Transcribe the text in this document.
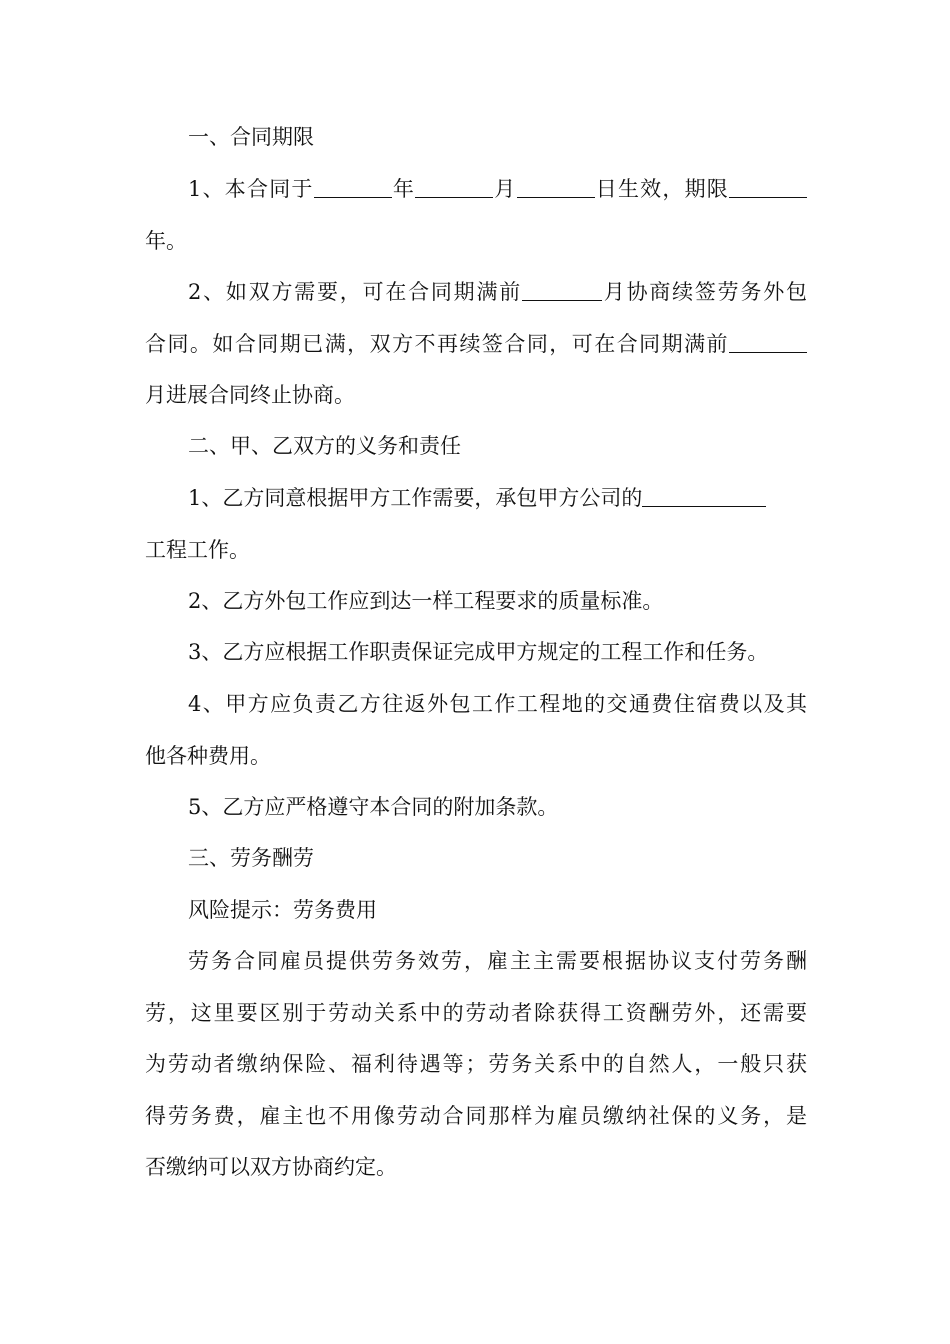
一、合同期限

1、本合同于	年	月	日生效，期限
年。

2、如双方需要，可在合同期满前	月协商续签劳务外包
合同。如合同期已满，双方不再续签合同，可在合同期满前
月进展合同终止协商。

二、甲、乙双方的义务和责任

1、乙方同意根据甲方工作需要，承包甲方公司的
工程工作。

2、乙方外包工作应到达一样工程要求的质量标准。

3、乙方应根据工作职责保证完成甲方规定的工程工作和任务。

4、甲方应负责乙方往返外包工作工程地的交通费住宿费以及其
他各种费用。

5、乙方应严格遵守本合同的附加条款。

三、劳务酬劳

风险提示：劳务费用

劳务合同雇员提供劳务效劳，雇主主需要根据协议支付劳务酬
劳，这里要区别于劳动关系中的劳动者除获得工资酬劳外，还需要
为劳动者缴纳保险、福利待遇等；劳务关系中的自然人，一般只获
得劳务费，雇主也不用像劳动合同那样为雇员缴纳社保的义务，是
否缴纳可以双方协商约定。
